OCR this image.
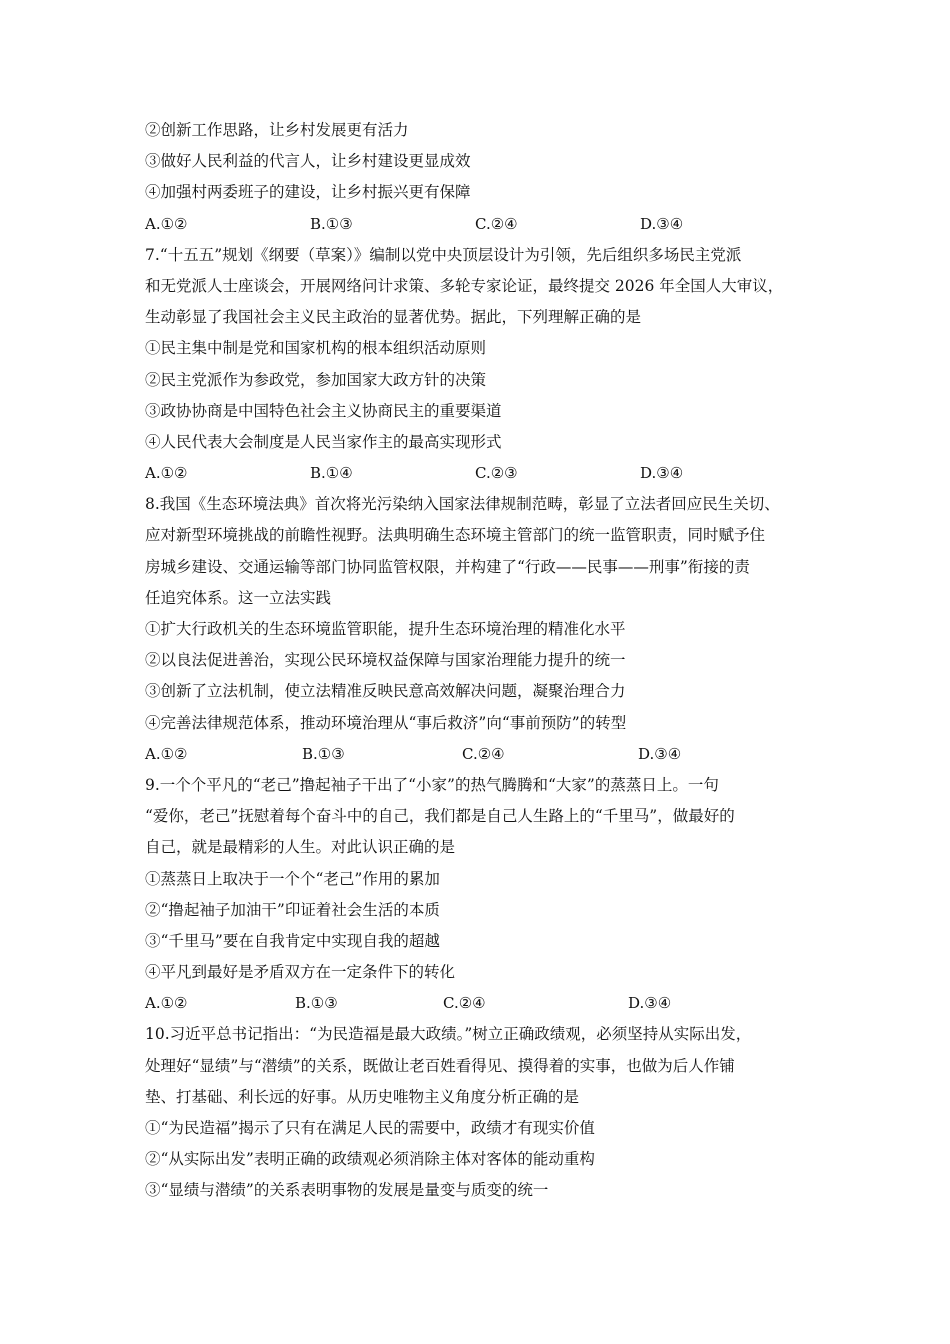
②创新工作思路，让乡村发展更有活力
③做好人民利益的代言人，让乡村建设更显成效
④加强村两委班子的建设，让乡村振兴更有保障
A.①②	B.①③	C.②④	D.③④
7.“十五五”规划《纲要（草案）》编制以党中央顶层设计为引领，先后组织多场民主党派
和无党派人士座谈会，开展网络问计求策、多轮专家论证，最终提交 2026 年全国人大审议，
生动彰显了我国社会主义民主政治的显著优势。据此，下列理解正确的是
①民主集中制是党和国家机构的根本组织活动原则
②民主党派作为参政党，参加国家大政方针的决策
③政协协商是中国特色社会主义协商民主的重要渠道
④人民代表大会制度是人民当家作主的最高实现形式
A.①②	B.①④	C.②③	D.③④
8.我国《生态环境法典》首次将光污染纳入国家法律规制范畴，彰显了立法者回应民生关切、
应对新型环境挑战的前瞻性视野。法典明确生态环境主管部门的统一监管职责，同时赋予住
房城乡建设、交通运输等部门协同监管权限，并构建了“行政——民事——刑事”衔接的责
任追究体系。这一立法实践
①扩大行政机关的生态环境监管职能，提升生态环境治理的精准化水平
②以良法促进善治，实现公民环境权益保障与国家治理能力提升的统一
③创新了立法机制，使立法精准反映民意高效解决问题，凝聚治理合力
④完善法律规范体系，推动环境治理从“事后救济”向“事前预防”的转型
A.①②	B.①③	C.②④	D.③④
9.一个个平凡的“老己”撸起袖子干出了“小家”的热气腾腾和“大家”的蒸蒸日上。一句
“爱你，老己”抚慰着每个奋斗中的自己，我们都是自己人生路上的“千里马”，做最好的
自己，就是最精彩的人生。对此认识正确的是
①蒸蒸日上取决于一个个“老己”作用的累加
②“撸起袖子加油干”印证着社会生活的本质
③“千里马”要在自我肯定中实现自我的超越
④平凡到最好是矛盾双方在一定条件下的转化
A.①②	B.①③	C.②④	D.③④
10.习近平总书记指出：“为民造福是最大政绩。”树立正确政绩观，必须坚持从实际出发，
处理好“显绩”与“潜绩”的关系，既做让老百姓看得见、摸得着的实事，也做为后人作铺
垫、打基础、利长远的好事。从历史唯物主义角度分析正确的是
①“为民造福”揭示了只有在满足人民的需要中，政绩才有现实价值
②“从实际出发”表明正确的政绩观必须消除主体对客体的能动重构
③“显绩与潜绩”的关系表明事物的发展是量变与质变的统一
